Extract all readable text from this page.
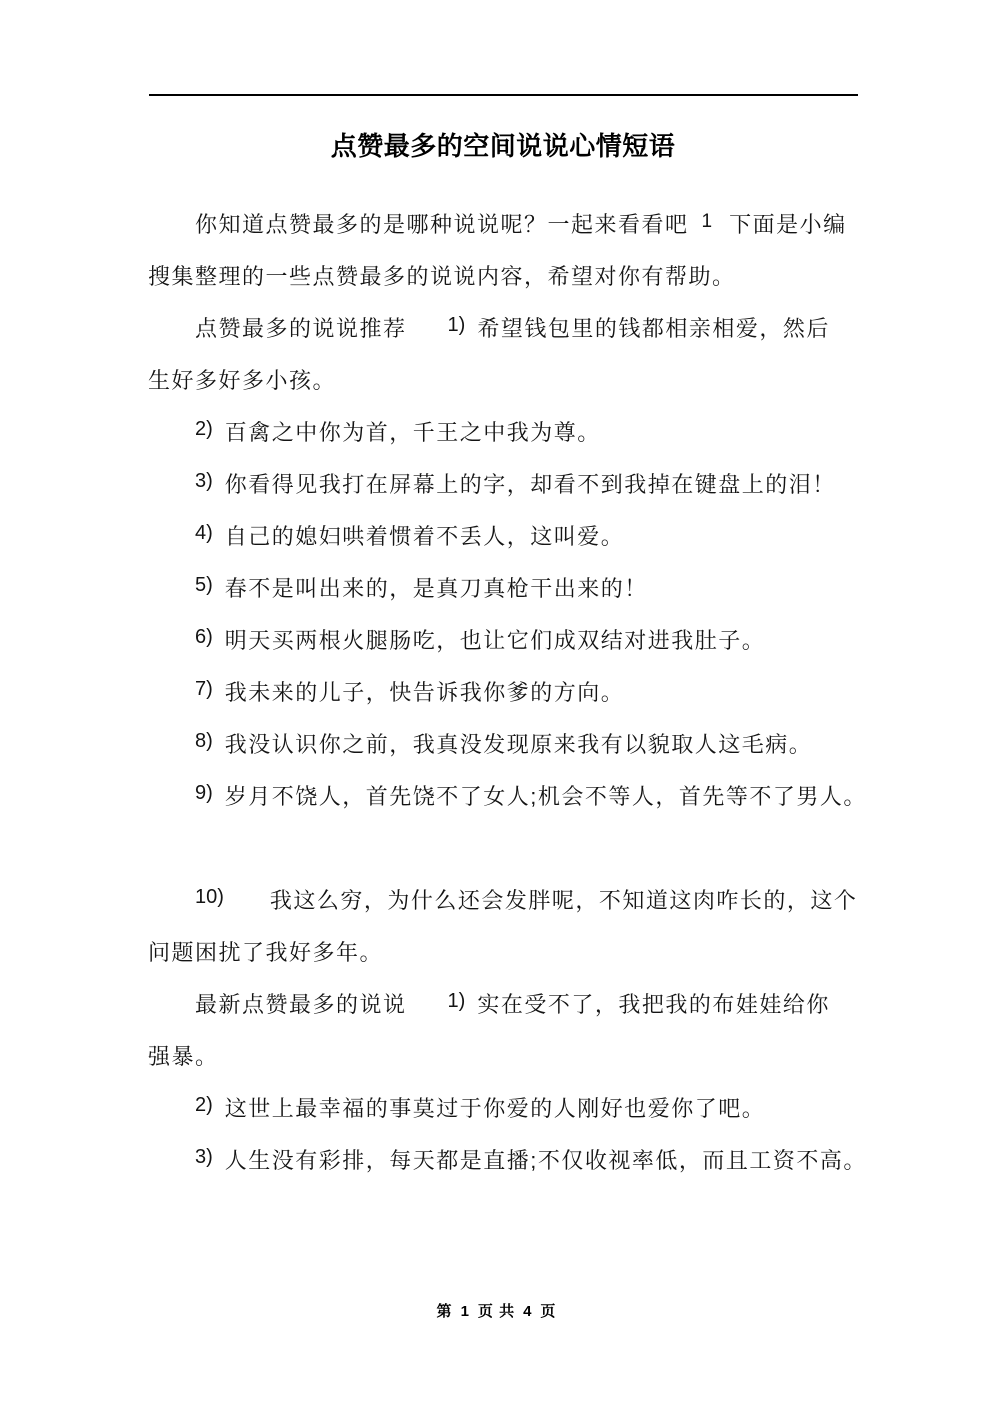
点赞最多的空间说说心情短语
你知道点赞最多的是哪种说说呢？一起来看看吧 1 下面是小编
搜集整理的一些点赞最多的说说内容，希望对你有帮助。
点赞最多的说说推荐 1) 希望钱包里的钱都相亲相爱，然后
生好多好多小孩。
2) 百禽之中你为首，千王之中我为尊。
3) 你看得见我打在屏幕上的字，却看不到我掉在键盘上的泪！
4) 自己的媳妇哄着惯着不丢人，这叫爱。
5) 春不是叫出来的，是真刀真枪干出来的！
6) 明天买两根火腿肠吃，也让它们成双结对进我肚子。
7) 我未来的儿子，快告诉我你爹的方向。
8) 我没认识你之前，我真没发现原来我有以貌取人这毛病。
9) 岁月不饶人，首先饶不了女人;机会不等人，首先等不了男人。
10) 我这么穷，为什么还会发胖呢，不知道这肉咋长的，这个
问题困扰了我好多年。
最新点赞最多的说说 1) 实在受不了，我把我的布娃娃给你
强暴。
2) 这世上最幸福的事莫过于你爱的人刚好也爱你了吧。
3) 人生没有彩排，每天都是直播;不仅收视率低，而且工资不高。
第 1 页 共 4 页
